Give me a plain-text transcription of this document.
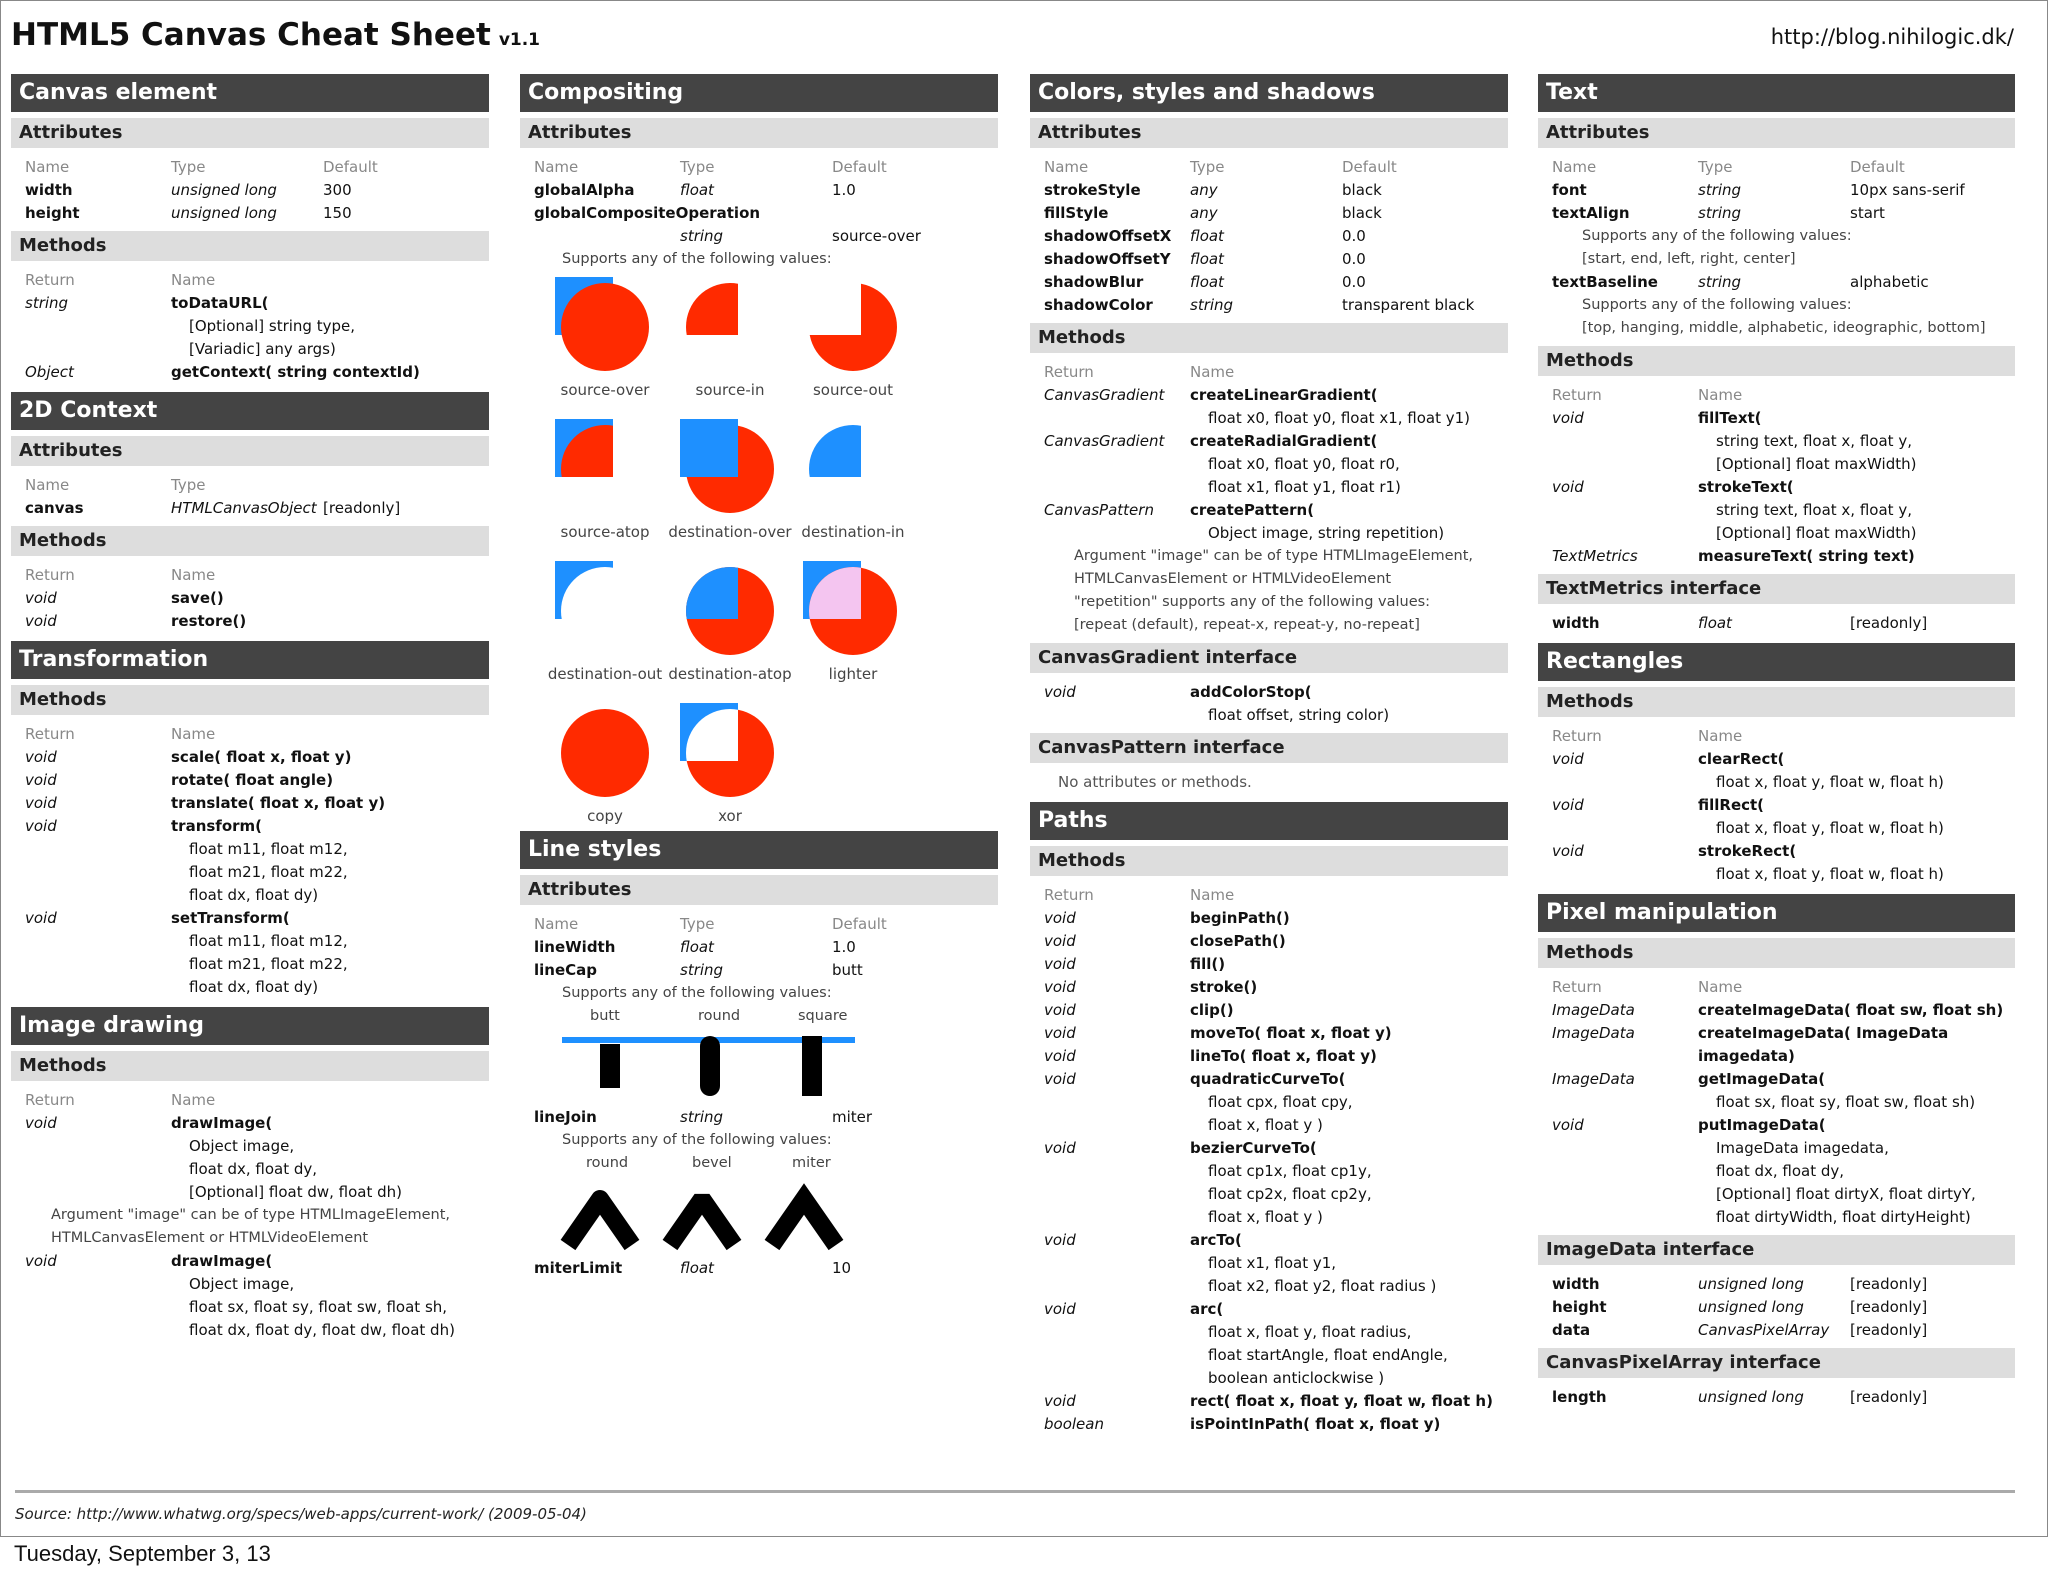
HTML5 Canvas Cheat Sheet v1.1	http://blog.nihilogic.dk/
Canvas element
Attributes
Name	Type	Default
width	unsigned long	300
height	unsigned long	150
Methods
Return	Name
string	toDataURL(
[Optional] string type,
[Variadic] any args)
Object	getContext( string contextId)
2D Context
Attributes
Name	Type
canvas	HTMLCanvasObject [readonly]
Methods
Return	Name
void	save()
void	restore()
Transformation
Methods
Return	Name
void	scale( float x, float y)
void	rotate( float angle)
void	translate( float x, float y)
void	transform(
float m11, float m12,
float m21, float m22,
float dx, float dy)
void	setTransform(
float m11, float m12,
float m21, float m22,
float dx, float dy)
Image drawing
Methods
Return	Name
void	drawImage(
Object image,
float dx, float dy,
[Optional] float dw, float dh)
Argument "image" can be of type HTMLImageElement,
HTMLCanvasElement or HTMLVideoElement
void	drawImage(
Object image,
float sx, float sy, float sw, float sh,
float dx, float dy, float dw, float dh)
Compositing
Attributes
Name	Type	Default
globalAlpha	float	1.0
globalCompositeOperation
string	source-over
Supports any of the following values:
source-over	source-in	source-out
source-atop	destination-over destination-in
destination-out destination-atop	lighter
copy	xor
Line styles
Attributes
Name	Type	Default
lineWidth	float	1.0
lineCap	string	butt
Supports any of the following values:
butt	round	square
lineJoin	string	miter
Supports any of the following values:
round	bevel	miter
miterLimit	float	10
Colors, styles and shadows
Attributes
Name	Type	Default
strokeStyle	any	black
fillStyle	any	black
shadowOffsetX float	0.0
shadowOffsetY float	0.0
shadowBlur	float	0.0
shadowColor string	transparent black
Methods
Return	Name
CanvasGradient createLinearGradient(
float x0, float y0, float x1, float y1)
CanvasGradient createRadialGradient(
float x0, float y0, float r0,
float x1, float y1, float r1)
CanvasPattern createPattern(
Object image, string repetition)
Argument "image" can be of type HTMLImageElement,
HTMLCanvasElement or HTMLVideoElement
"repetition" supports any of the following values:
[repeat (default), repeat-x, repeat-y, no-repeat]
CanvasGradient interface
void	addColorStop(
float offset, string color)
CanvasPattern interface
No attributes or methods.
Paths
Methods
Return	Name
void	beginPath()
void	closePath()
void	fill()
void	stroke()
void	clip()
void	moveTo( float x, float y)
void	lineTo( float x, float y)
void	quadraticCurveTo(
float cpx, float cpy,
float x, float y )
void	bezierCurveTo(
float cp1x, float cp1y,
float cp2x, float cp2y,
float x, float y )
void	arcTo(
float x1, float y1,
float x2, float y2, float radius )
void	arc(
float x, float y, float radius,
float startAngle, float endAngle,
boolean anticlockwise )
void	rect( float x, float y, float w, float h)
boolean	isPointInPath( float x, float y)
Text
Attributes
Name	Type	Default
font	string	10px sans-serif
textAlign	string	start
Supports any of the following values:
[start, end, left, right, center]
textBaseline	string	alphabetic
Supports any of the following values:
[top, hanging, middle, alphabetic, ideographic, bottom]
Methods
Return	Name
void	fillText(
string text, float x, float y,
[Optional] float maxWidth)
void	strokeText(
string text, float x, float y,
[Optional] float maxWidth)
TextMetrics	measureText( string text)
TextMetrics interface
width	float	[readonly]
Rectangles
Methods
Return	Name
void	clearRect(
float x, float y, float w, float h)
void	fillRect(
float x, float y, float w, float h)
void	strokeRect(
float x, float y, float w, float h)
Pixel manipulation
Methods
Return	Name
ImageData	createImageData( float sw, float sh)
ImageData	createImageData( ImageData
imagedata)
ImageData	getImageData(
float sx, float sy, float sw, float sh)
void	putImageData(
ImageData imagedata,
float dx, float dy,
[Optional] float dirtyX, float dirtyY,
float dirtyWidth, float dirtyHeight)
ImageData interface
width	unsigned long	[readonly]
height	unsigned long	[readonly]
data	CanvasPixelArray [readonly]
CanvasPixelArray interface
length	unsigned long	[readonly]
Source: http://www.whatwg.org/specs/web-apps/current-work/ (2009-05-04)
Tuesday, September 3, 13
